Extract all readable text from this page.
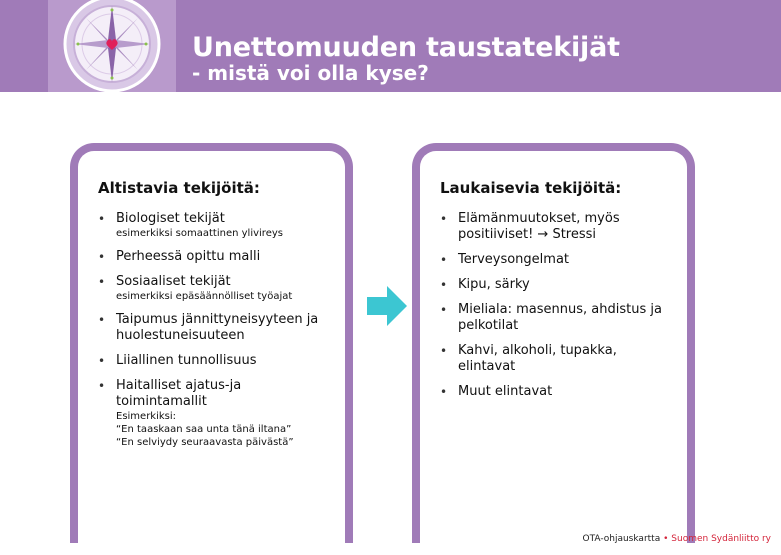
Unettomuuden taustatekijät
- mistä voi olla kyse?
Altistavia tekijöitä:
• Biologiset tekijät
esimerkiksi somaattinen ylivireys
• Perheessä opittu malli
• Sosiaaliset tekijät
esimerkiksi epäsäännölliset työajat
• Taipumus jännittyneisyyteen ja huolestuneisuuteen
• Liiallinen tunnollisuus
• Haitalliset ajatus-ja toimintamallit
Esimerkiksi:
“En taaskaan saa unta tänä iltana”
“En selviydy seuraavasta päivästä”
Laukaisevia tekijöitä:
• Elämänmuutokset, myös positiiviset! → Stressi
• Terveysongelmat
• Kipu, särky
• Mieliala: masennus, ahdistus ja pelkotilat
• Kahvi, alkoholi, tupakka, elintavat
• Muut elintavat
OTA-ohjauskartta • Suomen Sydänliitto ry
